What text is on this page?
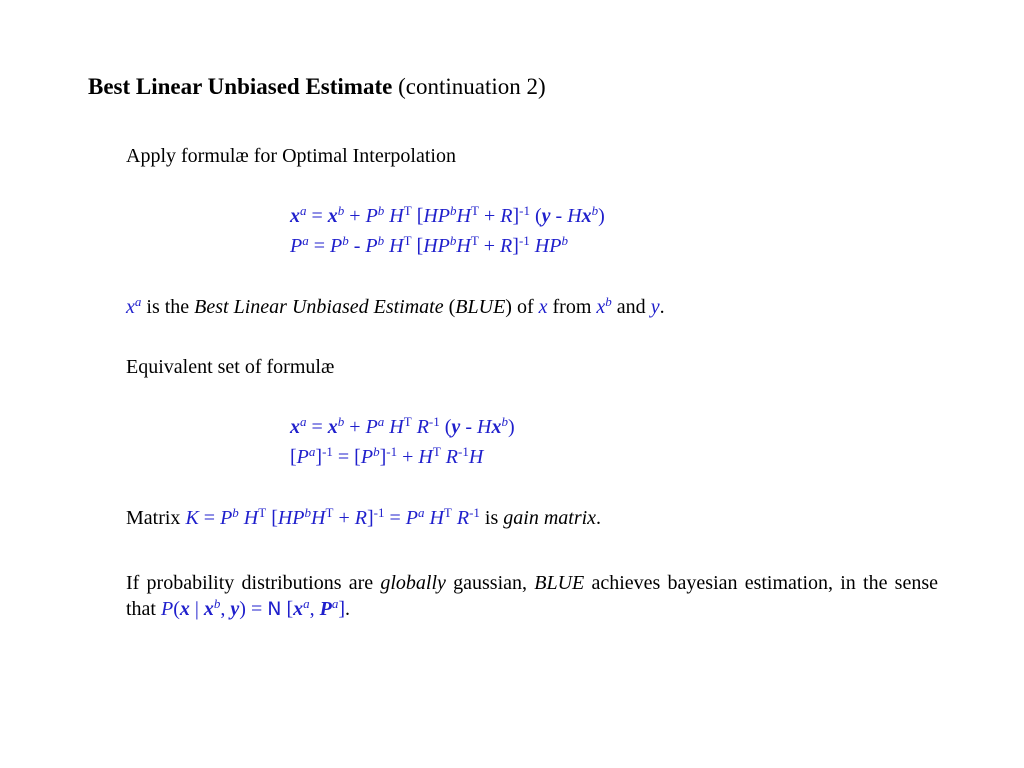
Best Linear Unbiased Estimate (continuation 2)
Apply formulæ for Optimal Interpolation
$x^a = x^b + P^b$ $H^T$ $[HP^bH^T + R]^{-1}$ (y - Hx$^b$)
$P^a = P^b - P^b$ $H^T$ $[HP^bH^T + R]^{-1}$ $HP^b$
$x^a$ is the Best Linear Unbiased Estimate (BLUE) of x from $x^b$ and y.
Equivalent set of formulæ
$x^a = x^b + P^a$ $H^T$ $R^{-1}$ (y - Hx$^b$)
$[P^a]^{-1} = [P^b]^{-1} + H^T$ $R^{-1}H$
Matrix $K = P^b$ $H^T$ $[HP^bH^T + R]^{-1} = P^a$ $H^T$ $R^{-1}$ is gain matrix.
If probability distributions are globally gaussian, BLUE achieves bayesian estimation, in the sense that P(x | $x^b$, y) = N [$x^a$, $P^a$].
